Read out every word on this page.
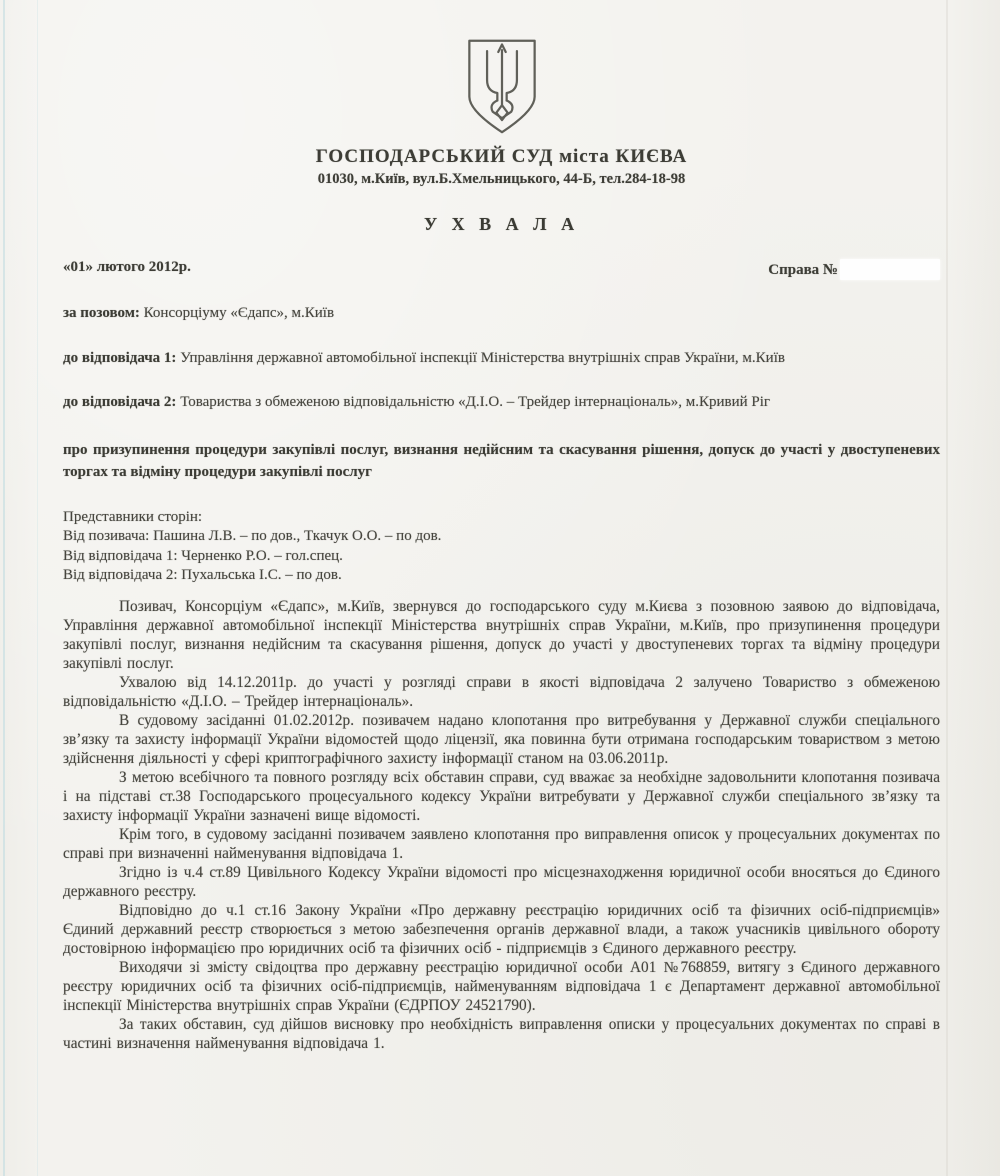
ГОСПОДАРСЬКИЙ СУД міста КИЄВА
01030, м.Київ, вул.Б.Хмельницького, 44-Б, тел.284-18-98
У Х В А Л А
«01» лютого 2012р.	Справа №

за позовом: Консорціуму «Єдапс», м.Київ

до відповідача 1: Управління державної автомобільної інспекції Міністерства внутрішніх справ України, м.Київ

до відповідача 2: Товариства з обмеженою відповідальністю «Д.І.О. – Трейдер інтернаціональ», м.Кривий Ріг

про призупинення процедури закупівлі послуг, визнання недійсним та скасування рішення, допуск до участі у двоступеневих торгах та відміну процедури закупівлі послуг

Представники сторін:
Від позивача: Пашина Л.В. – по дов., Ткачук О.О. – по дов.
Від відповідача 1: Черненко Р.О. – гол.спец.
Від відповідача 2: Пухальська І.С. – по дов.

Позивач, Консорціум «Єдапс», м.Київ, звернувся до господарського суду м.Києва з позовною заявою до відповідача, Управління державної автомобільної інспекції Міністерства внутрішніх справ України, м.Київ, про призупинення процедури закупівлі послуг, визнання недійсним та скасування рішення, допуск до участі у двоступеневих торгах та відміну процедури закупівлі послуг.

Ухвалою від 14.12.2011р. до участі у розгляді справи в якості відповідача 2 залучено Товариство з обмеженою відповідальністю «Д.І.О. – Трейдер інтернаціональ».

В судовому засіданні 01.02.2012р. позивачем надано клопотання про витребування у Державної служби спеціального зв’язку та захисту інформації України відомостей щодо ліцензії, яка повинна бути отримана господарським товариством з метою здійснення діяльності у сфері криптографічного захисту інформації станом на 03.06.2011р.

З метою всебічного та повного розгляду всіх обставин справи, суд вважає за необхідне задовольнити клопотання позивача і на підставі ст.38 Господарського процесуального кодексу України витребувати у Державної служби спеціального зв’язку та захисту інформації України зазначені вище відомості.

Крім того, в судовому засіданні позивачем заявлено клопотання про виправлення описок у процесуальних документах по справі при визначенні найменування відповідача 1.

Згідно із ч.4 ст.89 Цивільного Кодексу України відомості про місцезнаходження юридичної особи вносяться до Єдиного державного реєстру.

Відповідно до ч.1 ст.16 Закону України «Про державну реєстрацію юридичних осіб та фізичних осіб-підприємців» Єдиний державний реєстр створюється з метою забезпечення органів державної влади, а також учасників цивільного обороту достовірною інформацією про юридичних осіб та фізичних осіб - підприємців з Єдиного державного реєстру.

Виходячи зі змісту свідоцтва про державну реєстрацію юридичної особи А01 №768859, витягу з Єдиного державного реєстру юридичних осіб та фізичних осіб-підприємців, найменуванням відповідача 1 є Департамент державної автомобільної інспекції Міністерства внутрішніх справ України (ЄДРПОУ 24521790).

За таких обставин, суд дійшов висновку про необхідність виправлення описки у процесуальних документах по справі в частині визначення найменування відповідача 1.
